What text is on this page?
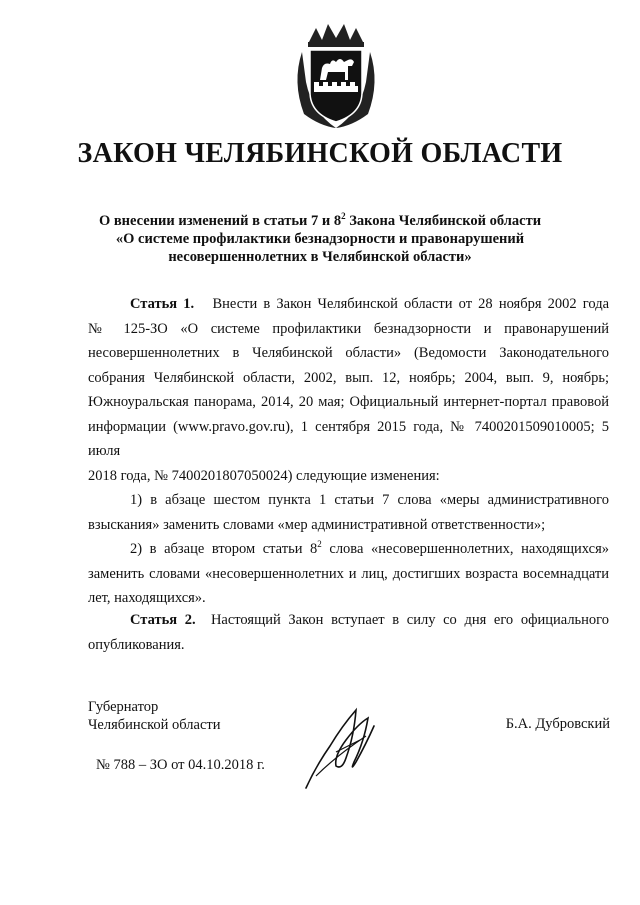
ЗАКОН ЧЕЛЯБИНСКОЙ ОБЛАСТИ
О внесении изменений в статьи 7 и $8^2$ Закона Челябинской области
«О системе профилактики безнадзорности и правонарушений
несовершеннолетних в Челябинской области»

Статья 1. Внести в Закон Челябинской области от 28 ноября 2002 года

№ 125-ЗО «О системе профилактики безнадзорности и правонарушений

несовершеннолетних в Челябинской области» (Ведомости Законодательного

собрания Челябинской области, 2002, вып. 12, ноябрь; 2004, вып. 9, ноябрь;

Южноуральская панорама, 2014, 20 мая; Официальный интернет-портал правовой

информации (www.pravo.gov.ru), 1 сентября 2015 года, № 7400201509010005; 5 июля

2018 года, № 7400201807050024) следующие изменения:

1) в абзаце шестом пункта 1 статьи 7 слова «меры административного

взыскания» заменить словами «мер административной ответственности»;

2) в абзаце втором статьи $8^2$ слова «несовершеннолетних, находящихся»

заменить словами «несовершеннолетних и лиц, достигших возраста восемнадцати

лет, находящихся».

Статья 2. Настоящий Закон вступает в силу со дня его официального

опубликования.

Губернатор
Челябинской области	Б.А. Дубровский
№ 788 – ЗО от 04.10.2018 г.
